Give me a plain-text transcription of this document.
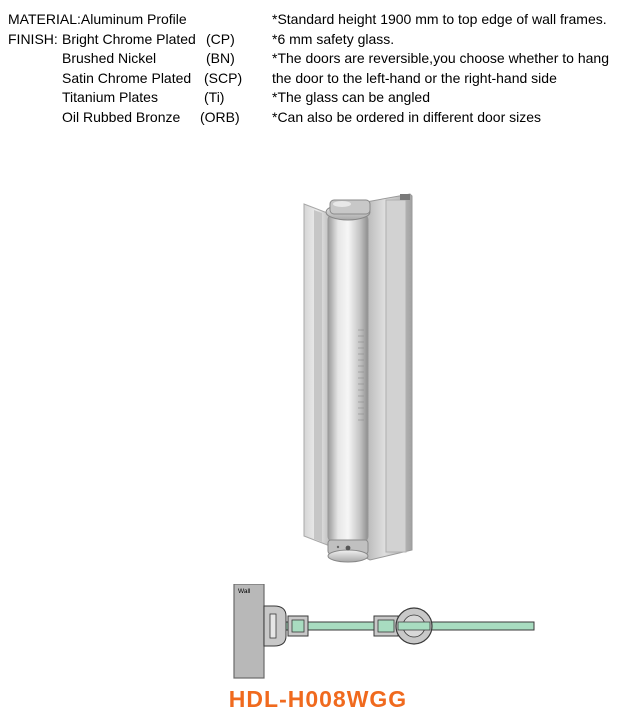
MATERIAL:Aluminum Profile
FINISH: Bright Chrome Plated (CP)
Brushed Nickel	(BN)
Satin Chrome Plated (SCP)
Titanium Plates	(Ti)
Oil Rubbed Bronze (ORB)
*Standard height 1900 mm to top edge of wall frames.
*6 mm safety glass.
*The doors are reversible,you choose whether to hang
the door to the left-hand or the right-hand side
*The glass can be angled
*Can also be ordered in different door sizes
Wall
HDL-H008WGG
